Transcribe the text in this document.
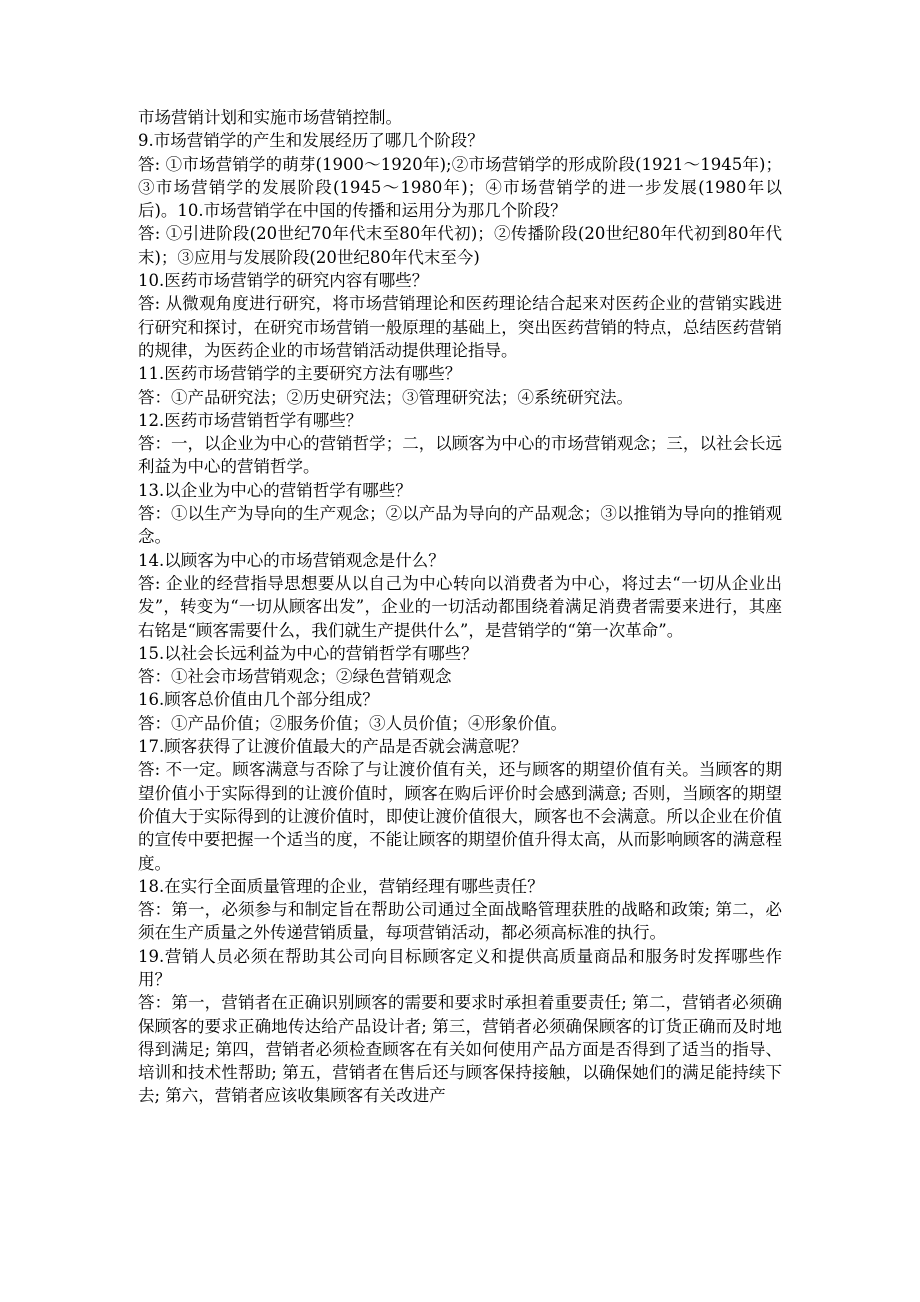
市场营销计划和实施市场营销控制。

9.市场营销学的产生和发展经历了哪几个阶段？

答: ①市场营销学的萌芽(1900～1920年);②市场营销学的形成阶段(1921～1945年)；③市场营销学的发展阶段(1945～1980年)；④市场营销学的进一步发展(1980年以后)。10.市场营销学在中国的传播和运用分为那几个阶段？

答: ①引进阶段(20世纪70年代末至80年代初)；②传播阶段(20世纪80年代初到80年代末)；③应用与发展阶段(20世纪80年代末至今)

10.医药市场营销学的研究内容有哪些？

答: 从微观角度进行研究，将市场营销理论和医药理论结合起来对医药企业的营销实践进行研究和探讨，在研究市场营销一般原理的基础上，突出医药营销的特点，总结医药营销的规律，为医药企业的市场营销活动提供理论指导。

11.医药市场营销学的主要研究方法有哪些？

答：①产品研究法；②历史研究法；③管理研究法；④系统研究法。

12.医药市场营销哲学有哪些？

答：一，以企业为中心的营销哲学；二，以顾客为中心的市场营销观念；三，以社会长远利益为中心的营销哲学。

13.以企业为中心的营销哲学有哪些？

答：①以生产为导向的生产观念；②以产品为导向的产品观念；③以推销为导向的推销观念。

14.以顾客为中心的市场营销观念是什么？

答: 企业的经营指导思想要从以自己为中心转向以消费者为中心，将过去“一切从企业出发”，转变为“一切从顾客出发”，企业的一切活动都围绕着满足消费者需要来进行，其座右铭是“顾客需要什么，我们就生产提供什么”，是营销学的“第一次革命”。

15.以社会长远利益为中心的营销哲学有哪些？

答：①社会市场营销观念；②绿色营销观念

16.顾客总价值由几个部分组成？

答：①产品价值；②服务价值；③人员价值；④形象价值。

17.顾客获得了让渡价值最大的产品是否就会满意呢？

答: 不一定。顾客满意与否除了与让渡价值有关，还与顾客的期望价值有关。当顾客的期望价值小于实际得到的让渡价值时，顾客在购后评价时会感到满意; 否则，当顾客的期望价值大于实际得到的让渡价值时，即使让渡价值很大，顾客也不会满意。所以企业在价值的宣传中要把握一个适当的度，不能让顾客的期望价值升得太高，从而影响顾客的满意程度。

18.在实行全面质量管理的企业，营销经理有哪些责任？

答：第一，必须参与和制定旨在帮助公司通过全面战略管理获胜的战略和政策; 第二，必须在生产质量之外传递营销质量，每项营销活动，都必须高标准的执行。

19.营销人员必须在帮助其公司向目标顾客定义和提供高质量商品和服务时发挥哪些作用？

答：第一，营销者在正确识别顾客的需要和要求时承担着重要责任; 第二，营销者必须确保顾客的要求正确地传达给产品设计者; 第三，营销者必须确保顾客的订货正确而及时地得到满足; 第四，营销者必须检查顾客在有关如何使用产品方面是否得到了适当的指导、培训和技术性帮助; 第五，营销者在售后还与顾客保持接触，以确保她们的满足能持续下去; 第六，营销者应该收集顾客有关改进产
